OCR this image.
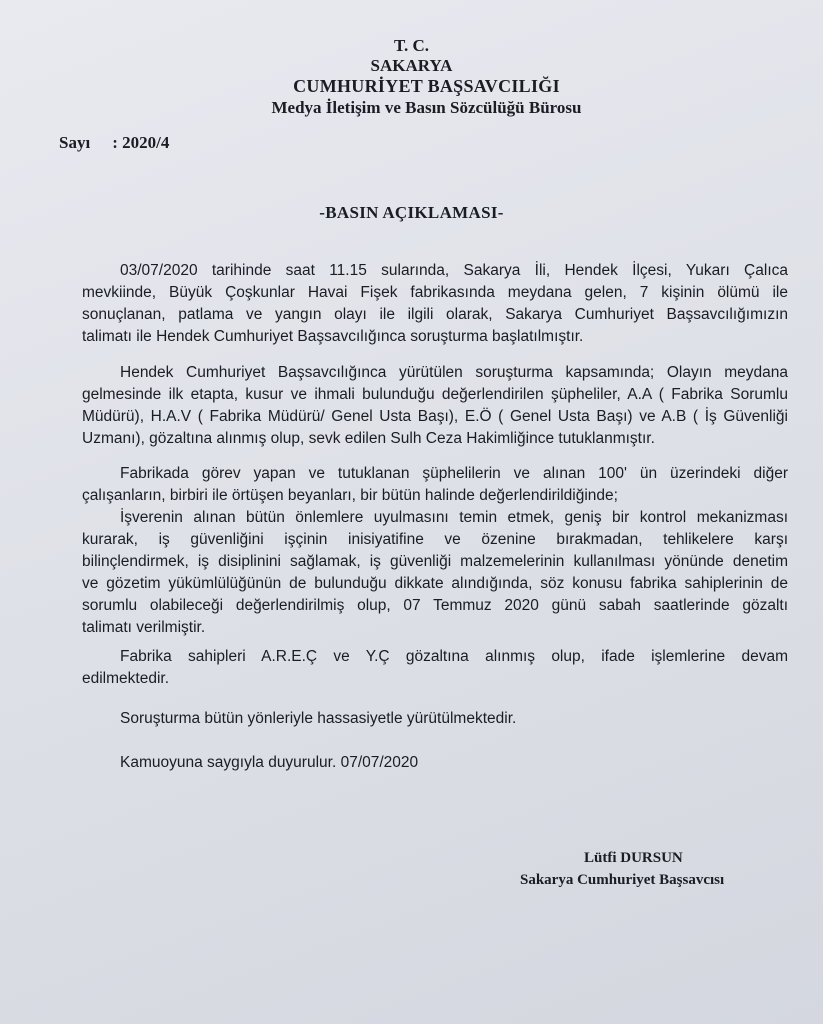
T. C.
SAKARYA
CUMHURİYET BAŞSAVCILIĞI
Medya İletişim ve Basın Sözcülüğü Bürosu
Sayı : 2020/4
-BASIN AÇIKLAMASI-
03/07/2020 tarihinde saat 11.15 sularında, Sakarya İli, Hendek İlçesi, Yukarı Çalıca
mevkiinde, Büyük Çoşkunlar Havai Fişek fabrikasında meydana gelen, 7 kişinin ölümü ile
sonuçlanan, patlama ve yangın olayı ile ilgili olarak, Sakarya Cumhuriyet Başsavcılığımızın
talimatı ile Hendek Cumhuriyet Başsavcılığınca soruşturma başlatılmıştır.
Hendek Cumhuriyet Başsavcılığınca yürütülen soruşturma kapsamında; Olayın meydana
gelmesinde ilk etapta, kusur ve ihmali bulunduğu değerlendirilen şüpheliler, A.A ( Fabrika Sorumlu
Müdürü), H.A.V ( Fabrika Müdürü/ Genel Usta Başı), E.Ö ( Genel Usta Başı) ve A.B ( İş Güvenliği
Uzmanı), gözaltına alınmış olup, sevk edilen Sulh Ceza Hakimliğince tutuklanmıştır.
Fabrikada görev yapan ve tutuklanan şüphelilerin ve alınan 100' ün üzerindeki diğer
çalışanların, birbiri ile örtüşen beyanları, bir bütün halinde değerlendirildiğinde;
İşverenin alınan bütün önlemlere uyulmasını temin etmek, geniş bir kontrol mekanizması
kurarak, iş güvenliğini işçinin inisiyatifine ve özenine bırakmadan, tehlikelere karşı
bilinçlendirmek, iş disiplinini sağlamak, iş güvenliği malzemelerinin kullanılması yönünde denetim
ve gözetim yükümlülüğünün de bulunduğu dikkate alındığında, söz konusu fabrika sahiplerinin de
sorumlu olabileceği değerlendirilmiş olup, 07 Temmuz 2020 günü sabah saatlerinde gözaltı
talimatı verilmiştir.
Fabrika sahipleri A.R.E.Ç ve Y.Ç gözaltına alınmış olup, ifade işlemlerine devam
edilmektedir.
Soruşturma bütün yönleriyle hassasiyetle yürütülmektedir.
Kamuoyuna saygıyla duyurulur. 07/07/2020
Lütfi DURSUN
Sakarya Cumhuriyet Başsavcısı
